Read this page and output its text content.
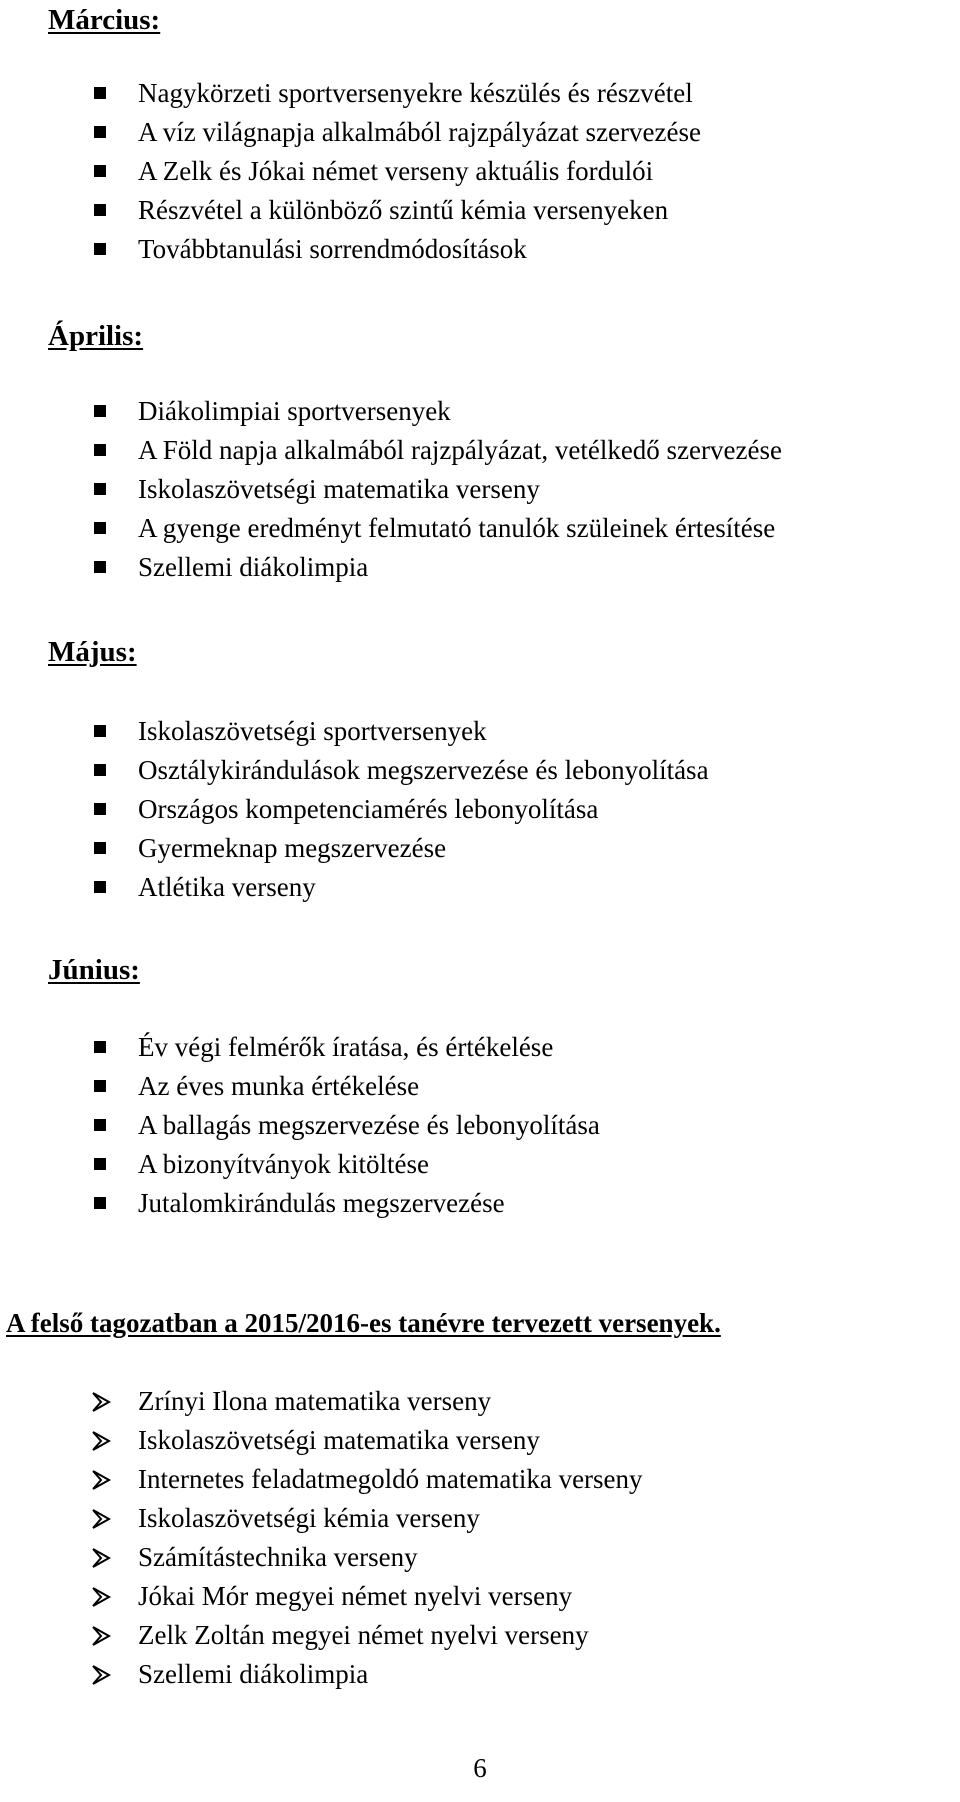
Március:
Nagykörzeti sportversenyekre készülés és részvétel
A víz világnapja alkalmából rajzpályázat szervezése
A Zelk és Jókai német verseny aktuális fordulói
Részvétel a különböző szintű kémia versenyeken
Továbbtanulási sorrendmódosítások
Április:
Diákolimpiai sportversenyek
A Föld napja alkalmából rajzpályázat, vetélkedő szervezése
Iskolaszövetségi matematika verseny
A gyenge eredményt felmutató tanulók szüleinek értesítése
Szellemi diákolimpia
Május:
Iskolaszövetségi sportversenyek
Osztálykirándulások megszervezése és lebonyolítása
Országos kompetenciamérés lebonyolítása
Gyermeknap megszervezése
Atlétika verseny
Június:
Év végi felmérők íratása, és értékelése
Az éves munka értékelése
A ballagás megszervezése és lebonyolítása
A bizonyítványok kitöltése
Jutalomkirándulás megszervezése
A felső tagozatban a 2015/2016-es tanévre tervezett versenyek.
Zrínyi Ilona matematika verseny
Iskolaszövetségi matematika verseny
Internetes feladatmegoldó matematika verseny
Iskolaszövetségi kémia verseny
Számítástechnika verseny
Jókai Mór megyei német nyelvi verseny
Zelk Zoltán megyei német nyelvi verseny
Szellemi diákolimpia
6
